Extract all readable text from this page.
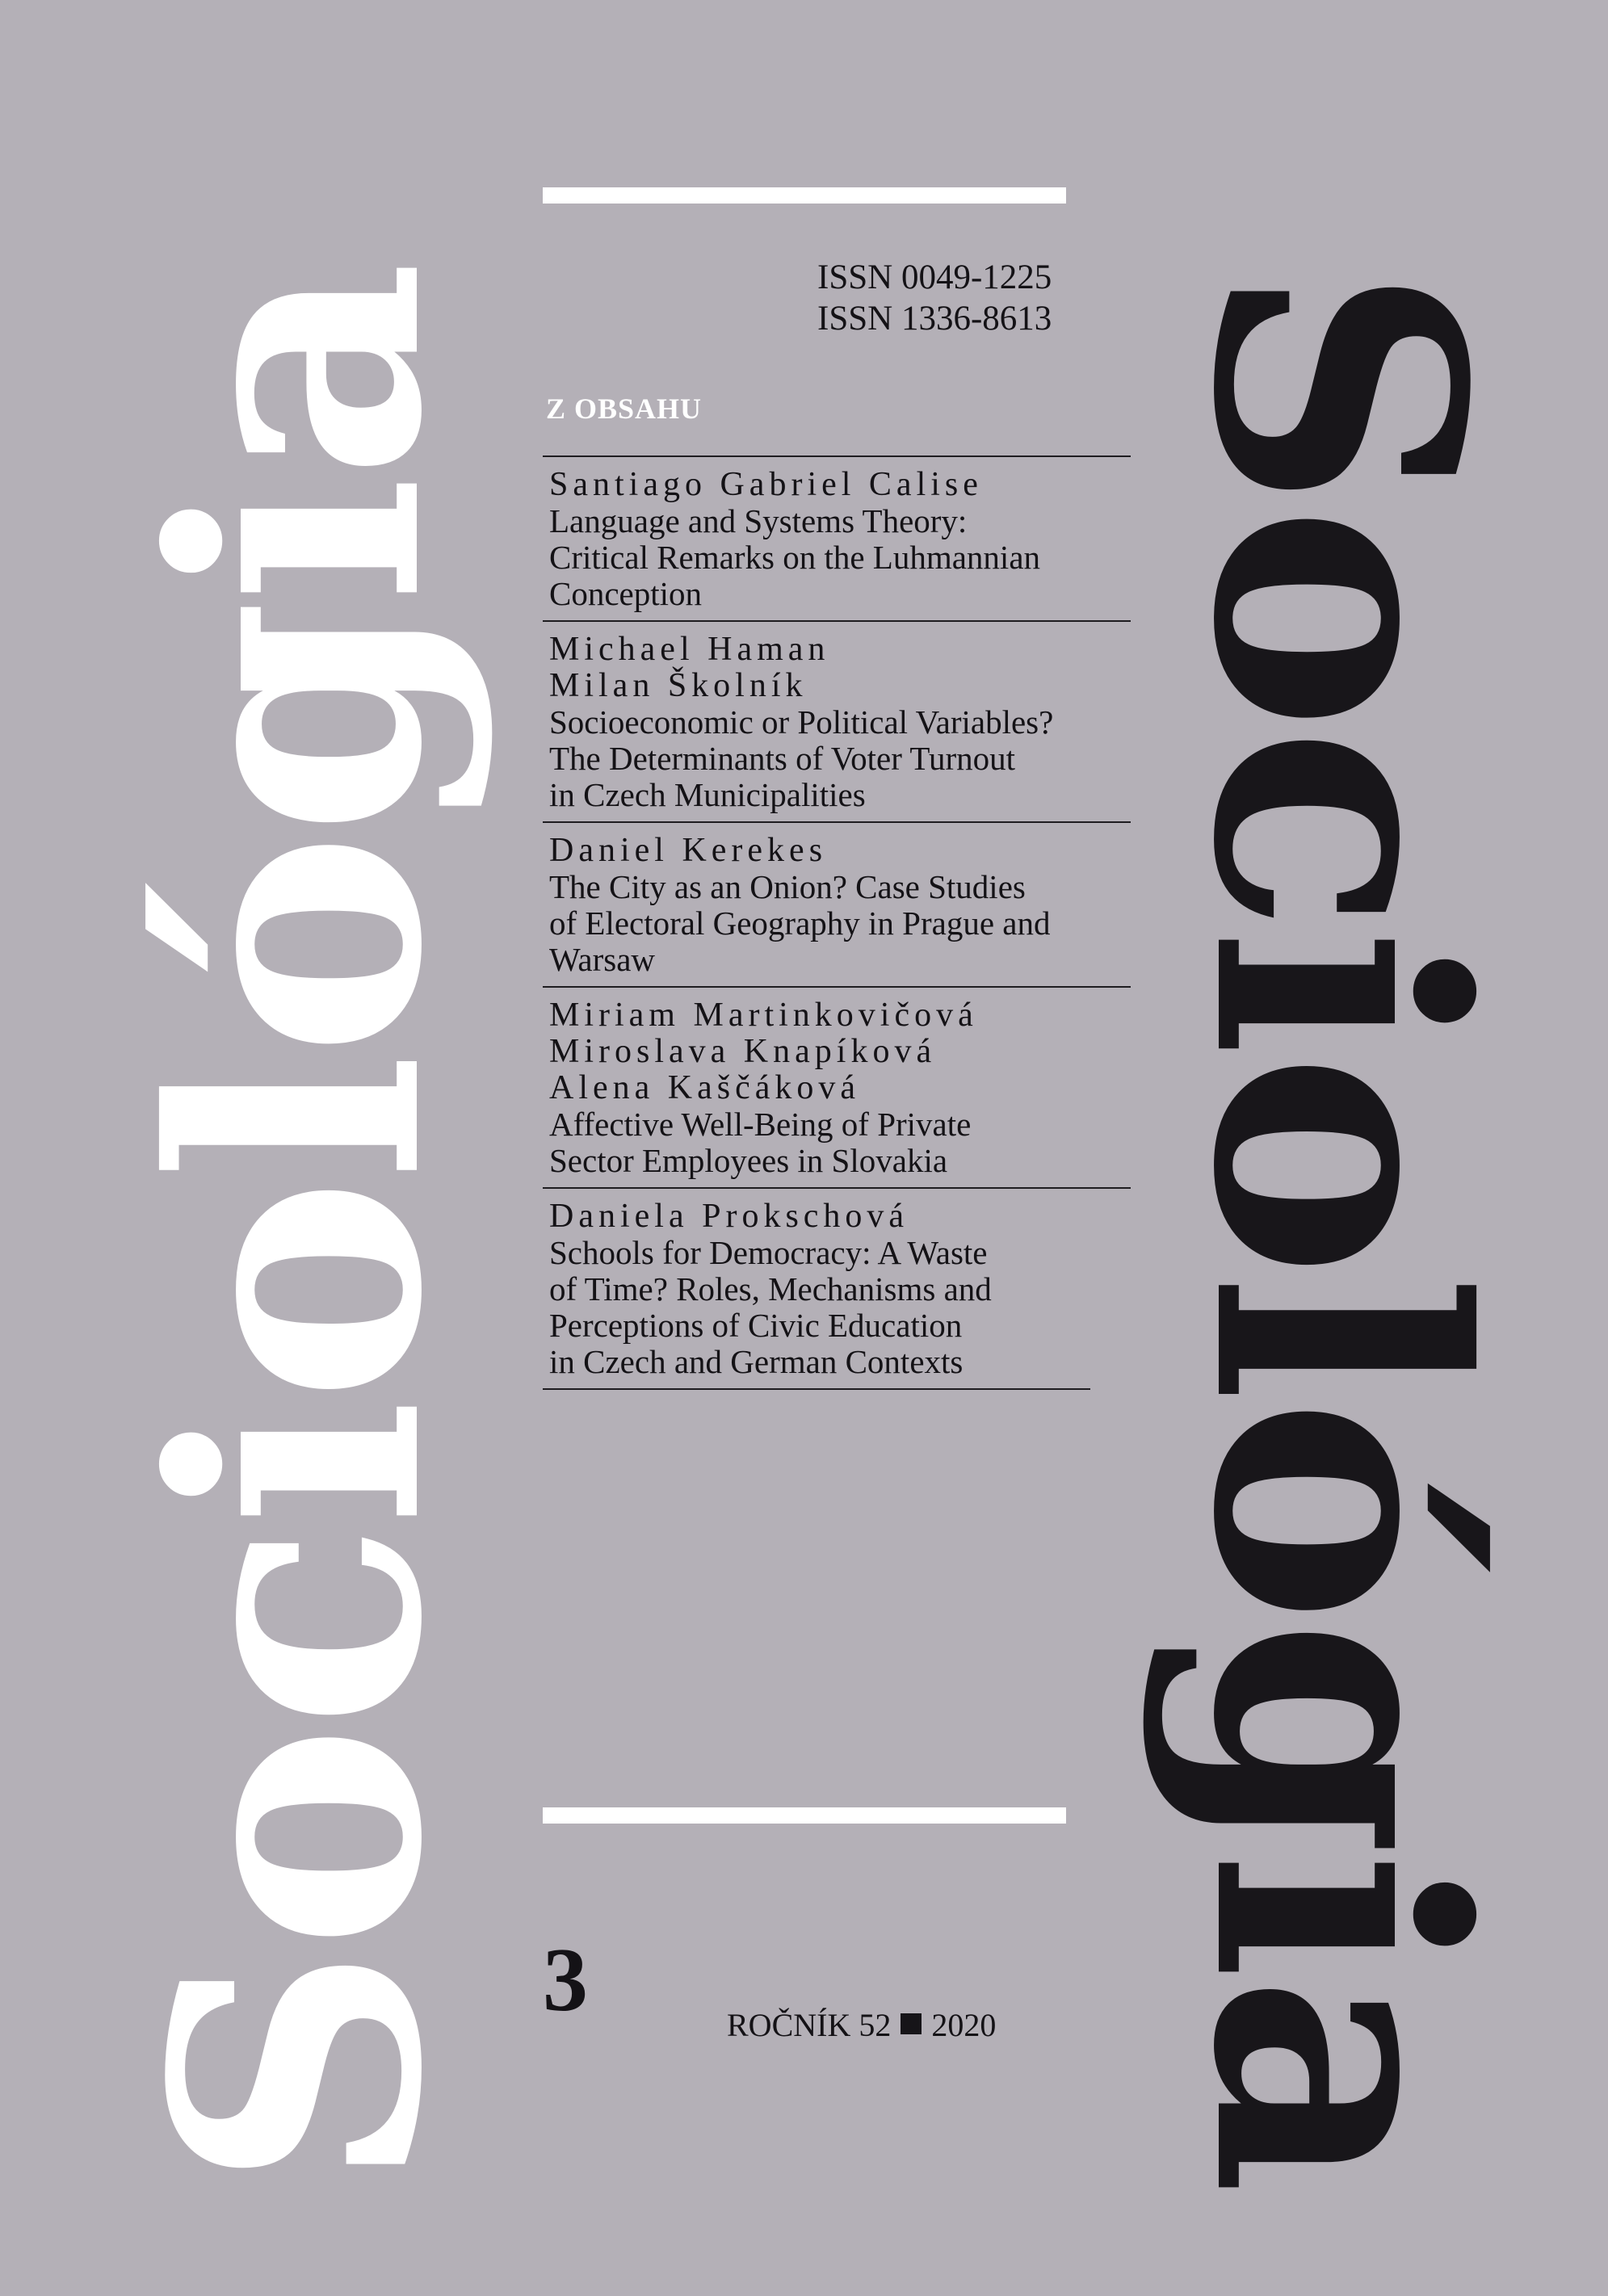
Sociológia Sociológia
ISSN 0049-1225
ISSN 1336-8613
Z OBSAHU
Santiago Gabriel Calise
Language and Systems Theory:
Critical Remarks on the Luhmannian
Conception
Michael Haman
Milan Školník
Socioeconomic or Political Variables?
The Determinants of Voter Turnout
in Czech Municipalities
Daniel Kerekes
The City as an Onion? Case Studies
of Electoral Geography in Prague and
Warsaw
Miriam Martinkovičová
Miroslava Knapíková
Alena Kaščáková
Affective Well-Being of Private
Sector Employees in Slovakia
Daniela Prokschová
Schools for Democracy: A Waste
of Time? Roles, Mechanisms and
Perceptions of Civic Education
in Czech and German Contexts
3	ROČNÍK 52 2020
